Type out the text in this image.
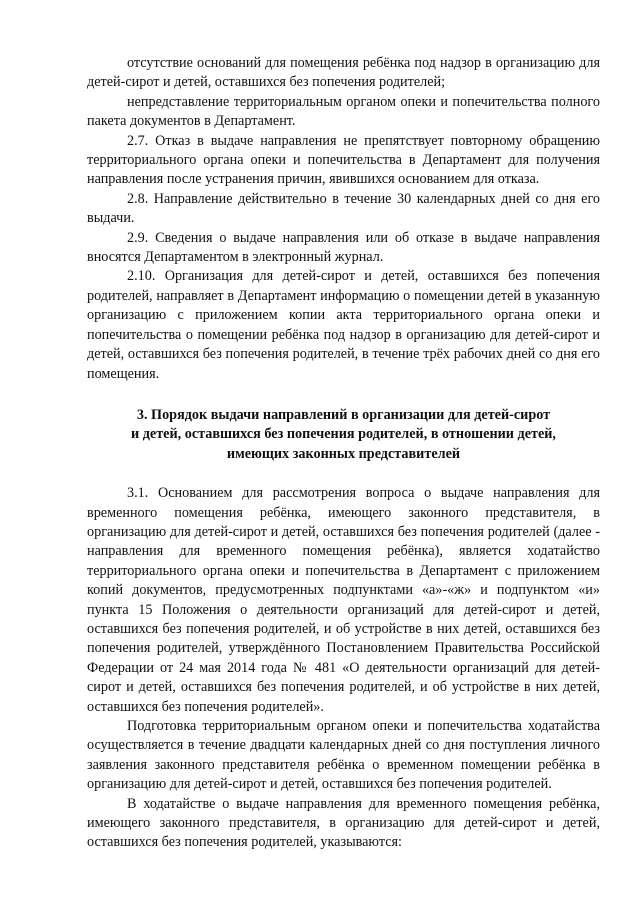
отсутствие оснований для помещения ребёнка под надзор в организацию для детей-сирот и детей, оставшихся без попечения родителей;

непредставление территориальным органом опеки и попечительства полного пакета документов в Департамент.

2.7. Отказ в выдаче направления не препятствует повторному обращению территориального органа опеки и попечительства в Департамент для получения направления после устранения причин, явившихся основанием для отказа.

2.8. Направление действительно в течение 30 календарных дней со дня его выдачи.

2.9. Сведения о выдаче направления или об отказе в выдаче направления вносятся Департаментом в электронный журнал.

2.10. Организация для детей-сирот и детей, оставшихся без попечения родителей, направляет в Департамент информацию о помещении детей в указанную организацию с приложением копии акта территориального органа опеки и попечительства о помещении ребёнка под надзор в организацию для детей-сирот и детей, оставшихся без попечения родителей, в течение трёх рабочих дней со дня его помещения.

3. Порядок выдачи направлений в организации для детей-сирот
и детей, оставшихся без попечения родителей, в отношении детей,
имеющих законных представителей

3.1. Основанием для рассмотрения вопроса о выдаче направления для временного помещения ребёнка, имеющего законного представителя, в организацию для детей-сирот и детей, оставшихся без попечения родителей (далее - направления для временного помещения ребёнка), является ходатайство территориального органа опеки и попечительства в Департамент с приложением копий документов, предусмотренных подпунктами «а»-«ж» и подпунктом «и» пункта 15 Положения о деятельности организаций для детей-сирот и детей, оставшихся без попечения родителей, и об устройстве в них детей, оставшихся без попечения родителей, утверждённого Постановлением Правительства Российской Федерации от 24 мая 2014 года № 481 «О деятельности организаций для детей-сирот и детей, оставшихся без попечения родителей, и об устройстве в них детей, оставшихся без попечения родителей».

Подготовка территориальным органом опеки и попечительства ходатайства осуществляется в течение двадцати календарных дней со дня поступления личного заявления законного представителя ребёнка о временном помещении ребёнка в организацию для детей-сирот и детей, оставшихся без попечения родителей.

В ходатайстве о выдаче направления для временного помещения ребёнка, имеющего законного представителя, в организацию для детей-сирот и детей, оставшихся без попечения родителей, указываются:
